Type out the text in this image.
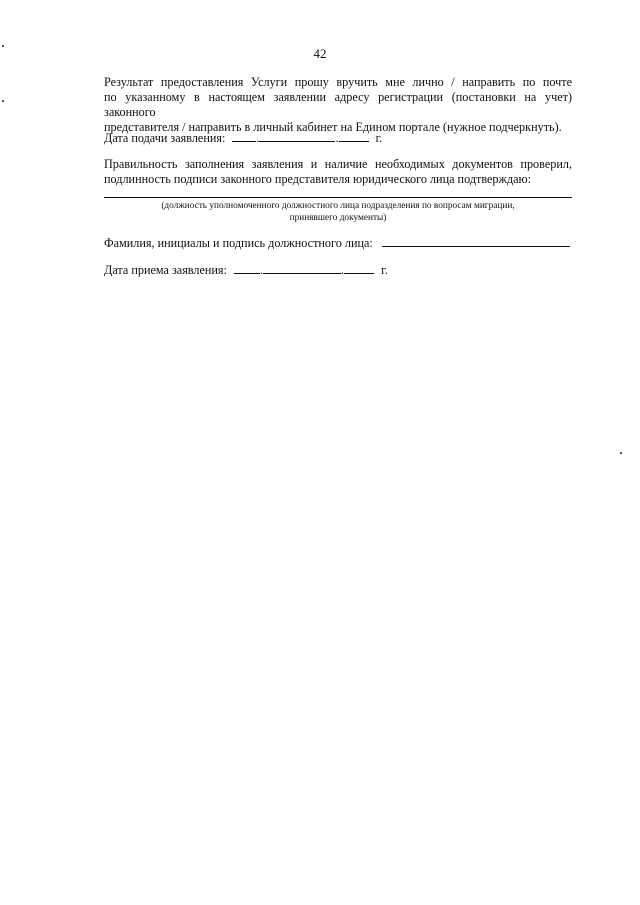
42
Результат предоставления Услуги прошу вручить мне лично / направить по почте
по указанному в настоящем заявлении адресу регистрации (постановки на учет) законного
представителя / направить в личный кабинет на Едином портале (нужное подчеркнуть).
Дата подачи заявления:	.	.	г.
Правильность заполнения заявления и наличие необходимых документов проверил,
подлинность подписи законного представителя юридического лица подтверждаю:
(должность уполномоченного должностного лица подразделения по вопросам миграции,
принявшего документы)
Фамилия, инициалы и подпись должностного лица:
Дата приема заявления:	.	.	г.
